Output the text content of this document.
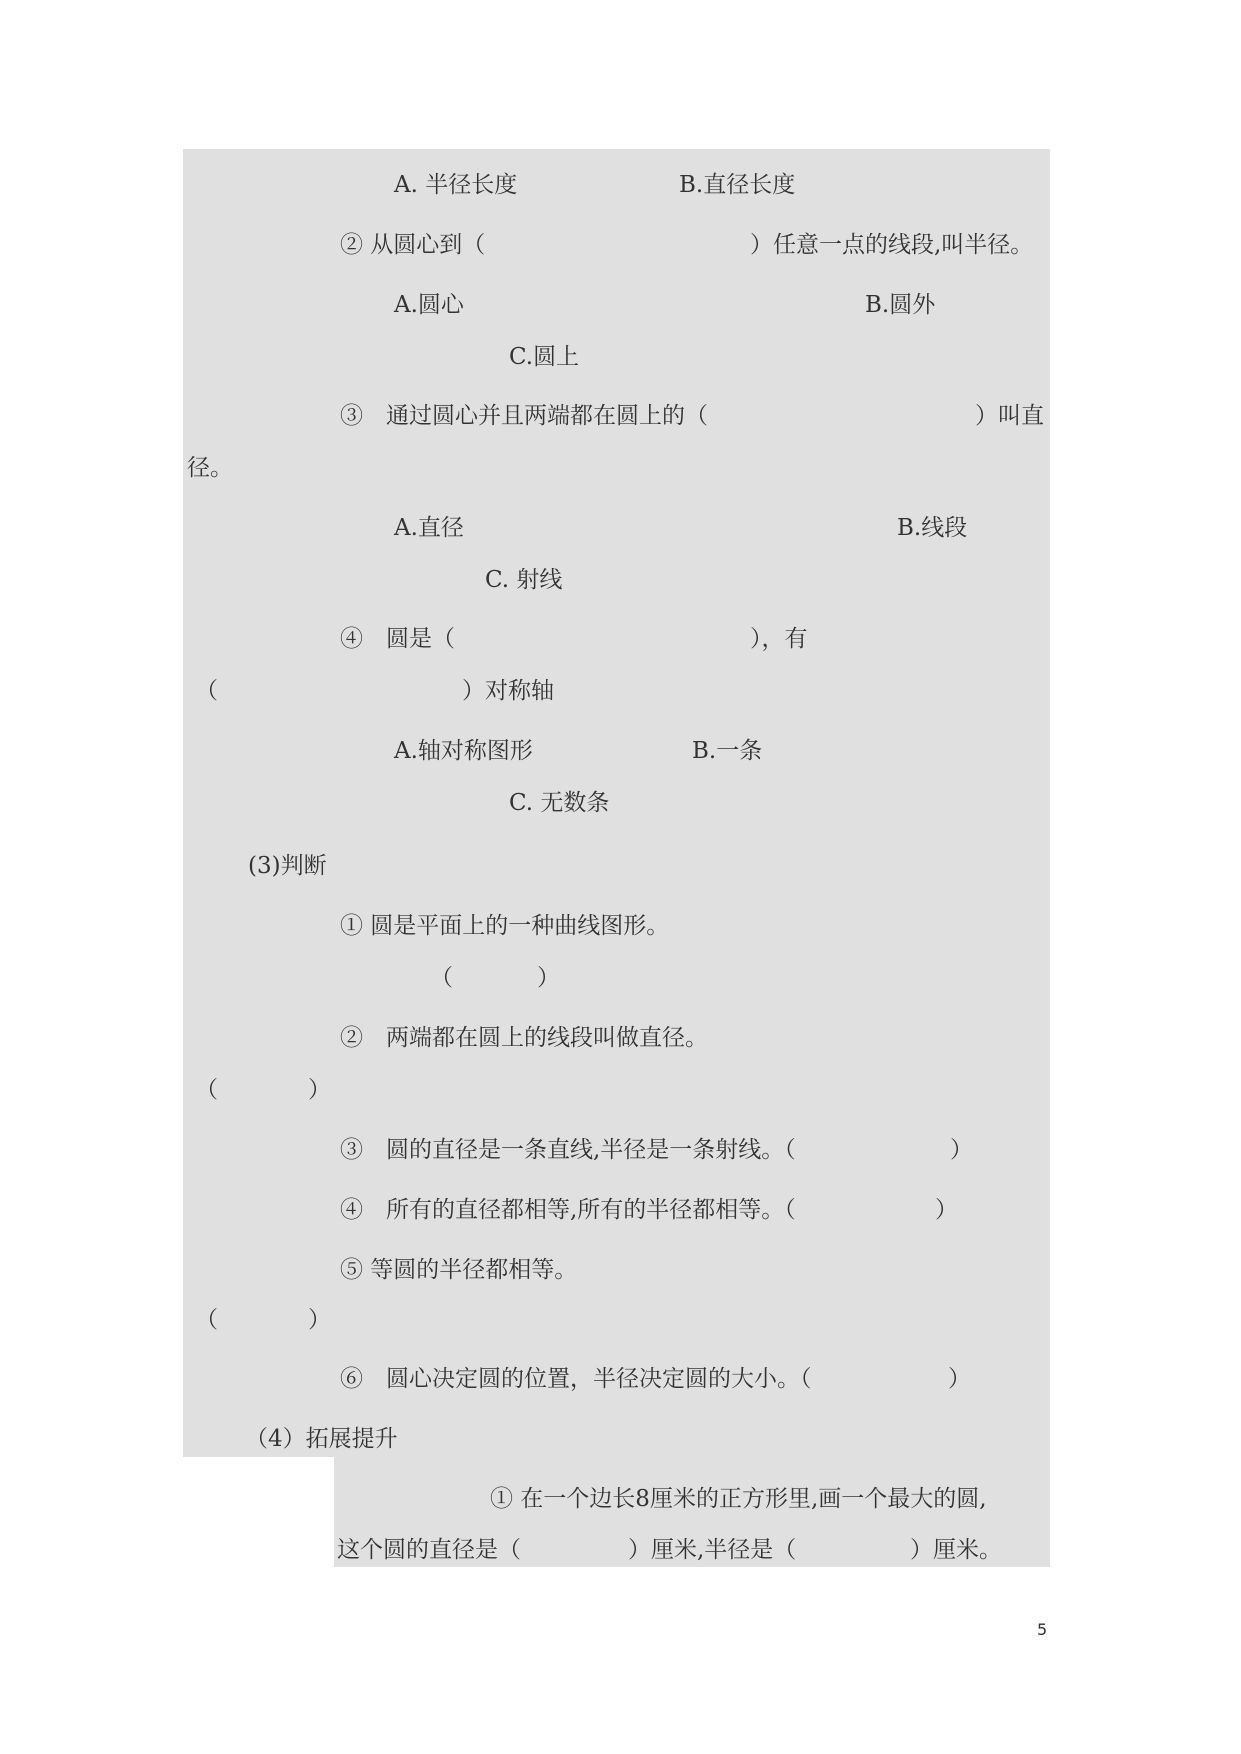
A. 半径长度	B.直径长度

② 从圆心到（	）任意一点的线段,叫半径。

A.圆心	B.圆外

C.圆上

③　通过圆心并且两端都在圆上的（	）叫直

径。

A.直径	B.线段

C. 射线

④　圆是（	），有

（	）对称轴

A.轴对称图形	B.一条

C. 无数条

(3)判断

① 圆是平面上的一种曲线图形。

（	）

②　两端都在圆上的线段叫做直径。

（	）

③　圆的直径是一条直线,半径是一条射线。（	）

④　所有的直径都相等,所有的半径都相等。（	）

⑤ 等圆的半径都相等。

（	）

⑥　圆心决定圆的位置，半径决定圆的大小。（	）

（4）拓展提升

① 在一个边长8厘米的正方形里,画一个最大的圆,

这个圆的直径是（	）厘米,半径是（	）厘米。

5
